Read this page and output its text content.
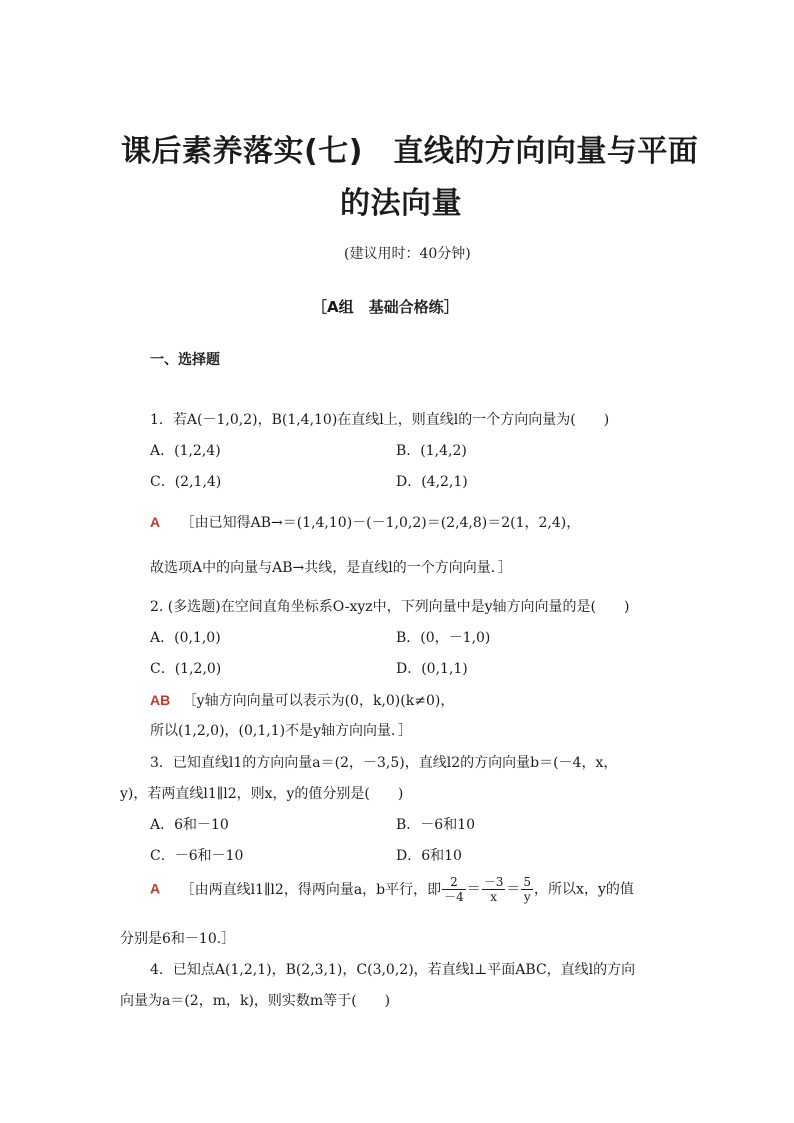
课后素养落实(七)　直线的方向向量与平面
的法向量
(建议用时：40分钟)
［A组　基础合格练］
一、选择题
1．若A(－1,0,2)，B(1,4,10)在直线l上，则直线l的一个方向向量为(　　)
A．(1,2,4)	B．(1,4,2)
C．(2,1,4)	D．(4,2,1)
A ［由已知得AB→＝(1,4,10)－(－1,0,2)＝(2,4,8)＝2(1，2,4)，
故选项A中的向量与AB→共线，是直线l的一个方向向量．］
2. (多选题)在空间直角坐标系O-xyz中，下列向量中是y轴方向向量的是(　　)
A．(0,1,0)	B．(0，－1,0)
C．(1,2,0)	D．(0,1,1)
AB ［y轴方向向量可以表示为(0，k,0)(k≠0)，
所以(1,2,0)，(0,1,1)不是y轴方向向量．］
3．已知直线l1的方向向量a＝(2，－3,5)，直线l2的方向向量b＝(－4，x，
y)，若两直线l1∥l2，则x，y的值分别是(　　)
A．6和－10	B．－6和10
C．－6和－10	D．6和10
A ［由两直线l1∥l2，得两向量a，b平行，即 $\frac{2}{-4} = \frac{-3}{x} = \frac{5}{y}$ ，所以x，y的值
分别是6和－10.］
4．已知点A(1,2,1)，B(2,3,1)，C(3,0,2)，若直线l⊥平面ABC，直线l的方向
向量为a＝(2，m，k)，则实数m等于(　　)
